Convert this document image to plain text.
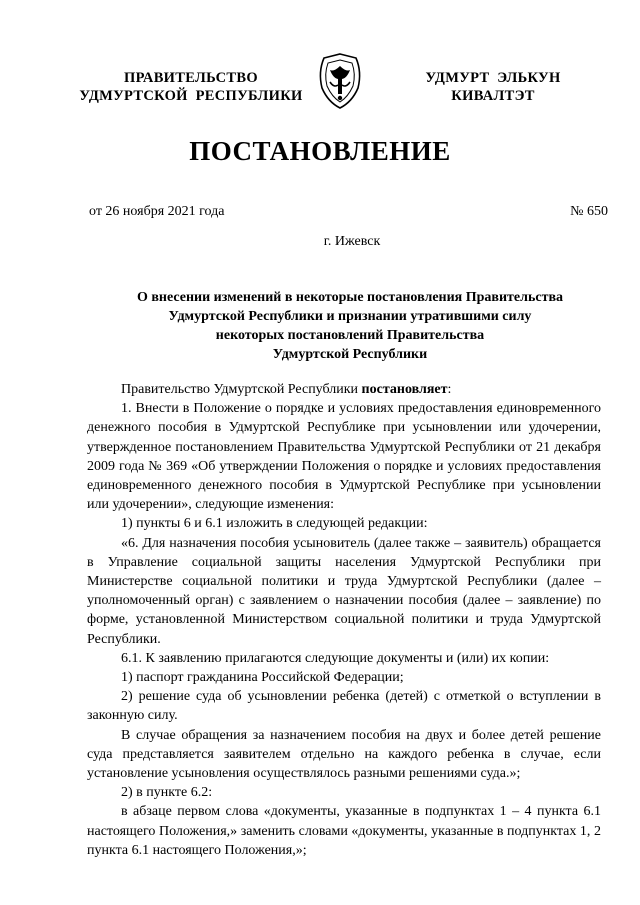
ПРАВИТЕЛЬСТВО
УДМУРТСКОЙ  РЕСПУБЛИКИ
УДМУРТ  ЭЛЬКУН
КИВАЛТЭТ
ПОСТАНОВЛЕНИЕ
от 26 ноября 2021 года	№ 650
г. Ижевск
О внесении изменений в некоторые постановления Правительства
Удмуртской Республики и признании утратившими силу
некоторых постановлений Правительства
Удмуртской Республики

Правительство Удмуртской Республики постановляет:

1. Внести в Положение о порядке и условиях предоставления единовременного денежного пособия в Удмуртской Республике при усыновлении или удочерении, утвержденное постановлением Правительства Удмуртской Республики от 21 декабря 2009 года № 369 «Об утверждении Положения о порядке и условиях предоставления единовременного денежного пособия в Удмуртской Республике при усыновлении или удочерении», следующие изменения:

1) пункты 6 и 6.1 изложить в следующей редакции:

«6. Для назначения пособия усыновитель (далее также – заявитель) обращается в Управление социальной защиты населения Удмуртской Республики при Министерстве социальной политики и труда Удмуртской Республики (далее – уполномоченный орган) с заявлением о назначении пособия (далее – заявление) по форме, установленной Министерством социальной политики и труда Удмуртской Республики.

6.1. К заявлению прилагаются следующие документы и (или) их копии:

1) паспорт гражданина Российской Федерации;

2) решение суда об усыновлении ребенка (детей) с отметкой о вступлении в законную силу.

В случае обращения за назначением пособия на двух и более детей решение суда представляется заявителем отдельно на каждого ребенка в случае, если установление усыновления осуществлялось разными решениями суда.»;

2) в пункте 6.2:

в абзаце первом слова «документы, указанные в подпунктах 1 – 4 пункта 6.1 настоящего Положения,» заменить словами «документы, указанные в подпунктах 1, 2 пункта 6.1 настоящего Положения,»;
